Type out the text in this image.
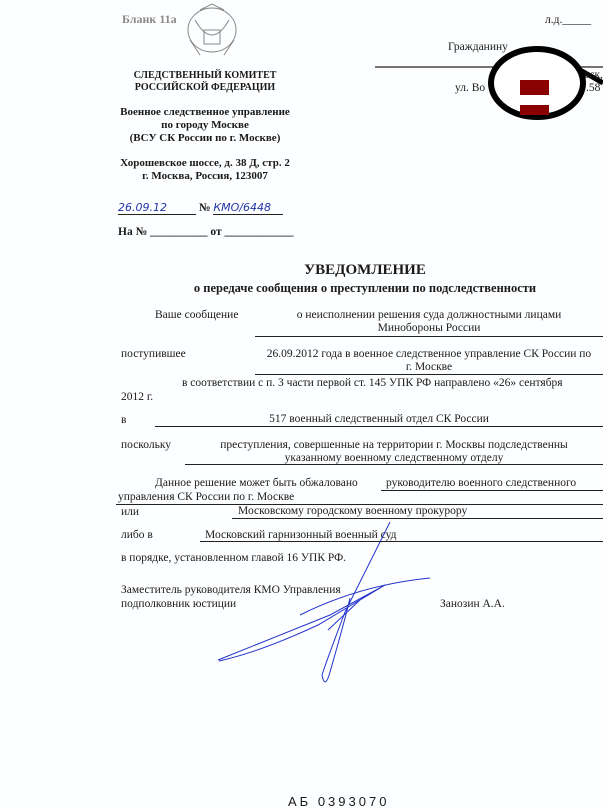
Бланк 11а	л.д._____
СЛЕДСТВЕННЫЙ КОМИТЕТ
РОССИЙСКОЙ ФЕДЕРАЦИИ
Военное следственное управление
по городу Москве
(ВСУ СК России по г. Москве)
Хорошевское шоссе, д. 38 Д, стр. 2
г. Москва, Россия, 123007
26.09.12	№ КМО/6448
На № __________ от ____________
Гражданину
вск,
ул. Во	.58
УВЕДОМЛЕНИЕ
о передаче сообщения о преступлении по подследственности
Ваше сообщение	о неисполнении решения суда должностными лицами
Минобороны России
поступившее	26.09.2012 года в военное следственное управление СК России по
г. Москве
в соответствии с п. 3 части первой ст. 145 УПК РФ направлено «26» сентября
2012 г.
в	517 военный следственный отдел СК России
поскольку	преступления, совершенные на территории г. Москвы подследственны
указанному военному следственному отделу
Данное решение может быть обжаловано руководителю военного следственного
управления СК России по г. Москве
или	Московскому городскому военному прокурору
либо в	Московский гарнизонный военный суд
в порядке, установленном главой 16 УПК РФ.
Заместитель руководителя КМО Управления
подполковник юстиции	Занозин А.А.
АБ 0393070
